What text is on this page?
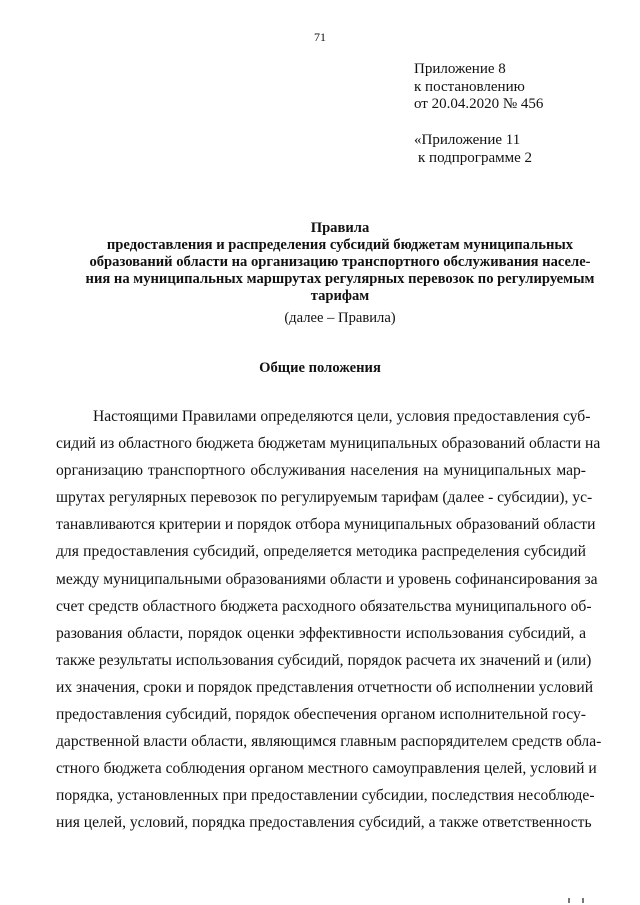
71
Приложение 8
к постановлению
от 20.04.2020 № 456
«Приложение 11
к подпрограмме 2
Правила
предоставления и распределения субсидий бюджетам муниципальных
образований области на организацию транспортного обслуживания населе-
ния на муниципальных маршрутах регулярных перевозок по регулируемым
тарифам
(далее – Правила)
Общие положения
Настоящими Правилами определяются цели, условия предоставления суб-
сидий из областного бюджета бюджетам муниципальных образований области на
организацию транспортного обслуживания населения на муниципальных мар-
шрутах регулярных перевозок по регулируемым тарифам (далее - субсидии), ус-
танавливаются критерии и порядок отбора муниципальных образований области
для предоставления субсидий, определяется методика распределения субсидий
между муниципальными образованиями области и уровень софинансирования за
счет средств областного бюджета расходного обязательства муниципального об-
разования области, порядок оценки эффективности использования субсидий, а
также результаты использования субсидий, порядок расчета их значений и (или)
их значения, сроки и порядок представления отчетности об исполнении условий
предоставления субсидий, порядок обеспечения органом исполнительной госу-
дарственной власти области, являющимся главным распорядителем средств обла-
стного бюджета соблюдения органом местного самоуправления целей, условий и
порядка, установленных при предоставлении субсидии, последствия несоблюде-
ния целей, условий, порядка предоставления субсидий, а также ответственность
